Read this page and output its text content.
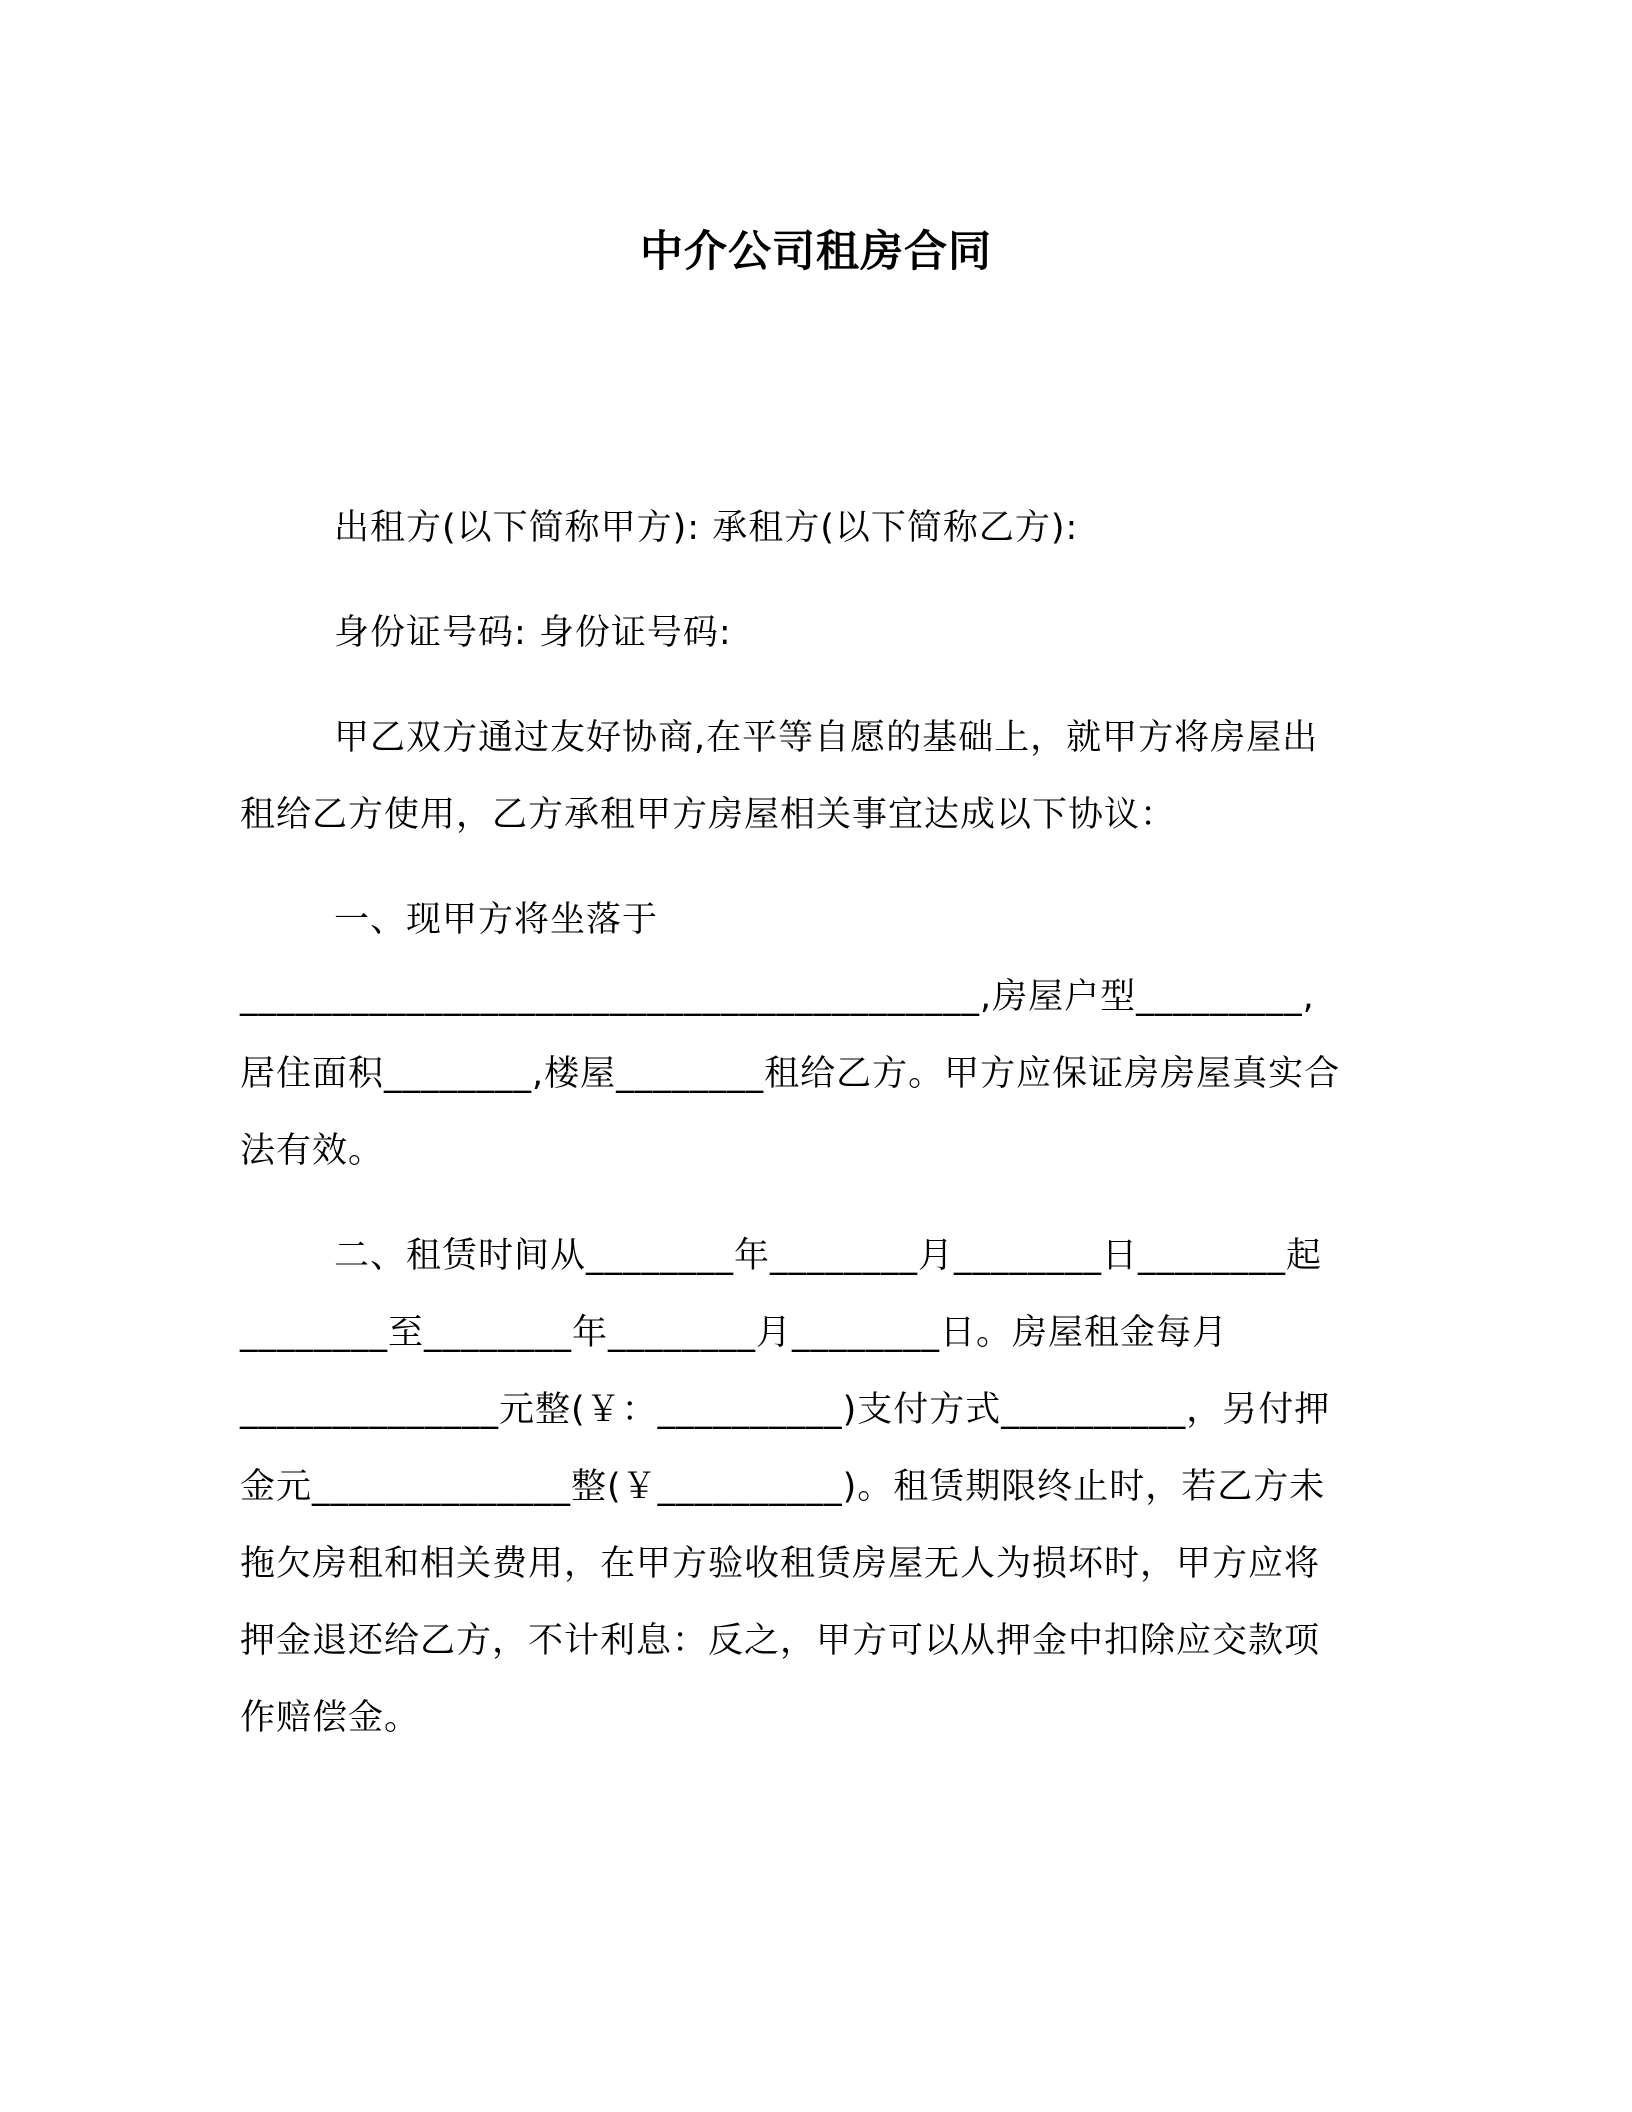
中介公司租房合同
出租方(以下简称甲方): 承租方(以下简称乙方):
身份证号码: 身份证号码:
甲乙双方通过友好协商,在平等自愿的基础上，就甲方将房屋出
租给乙方使用，乙方承租甲方房屋相关事宜达成以下协议：
一、现甲方将坐落于
________________________________________,房屋户型_________,
居住面积________,楼屋________租给乙方。甲方应保证房房屋真实合
法有效。
二、租赁时间从________年________月________日________起
________至________年________月________日。房屋租金每月
______________元整(￥：__________)支付方式__________，另付押
金元______________整(￥__________)。租赁期限终止时，若乙方未
拖欠房租和相关费用，在甲方验收租赁房屋无人为损坏时，甲方应将
押金退还给乙方，不计利息：反之，甲方可以从押金中扣除应交款项
作赔偿金。
